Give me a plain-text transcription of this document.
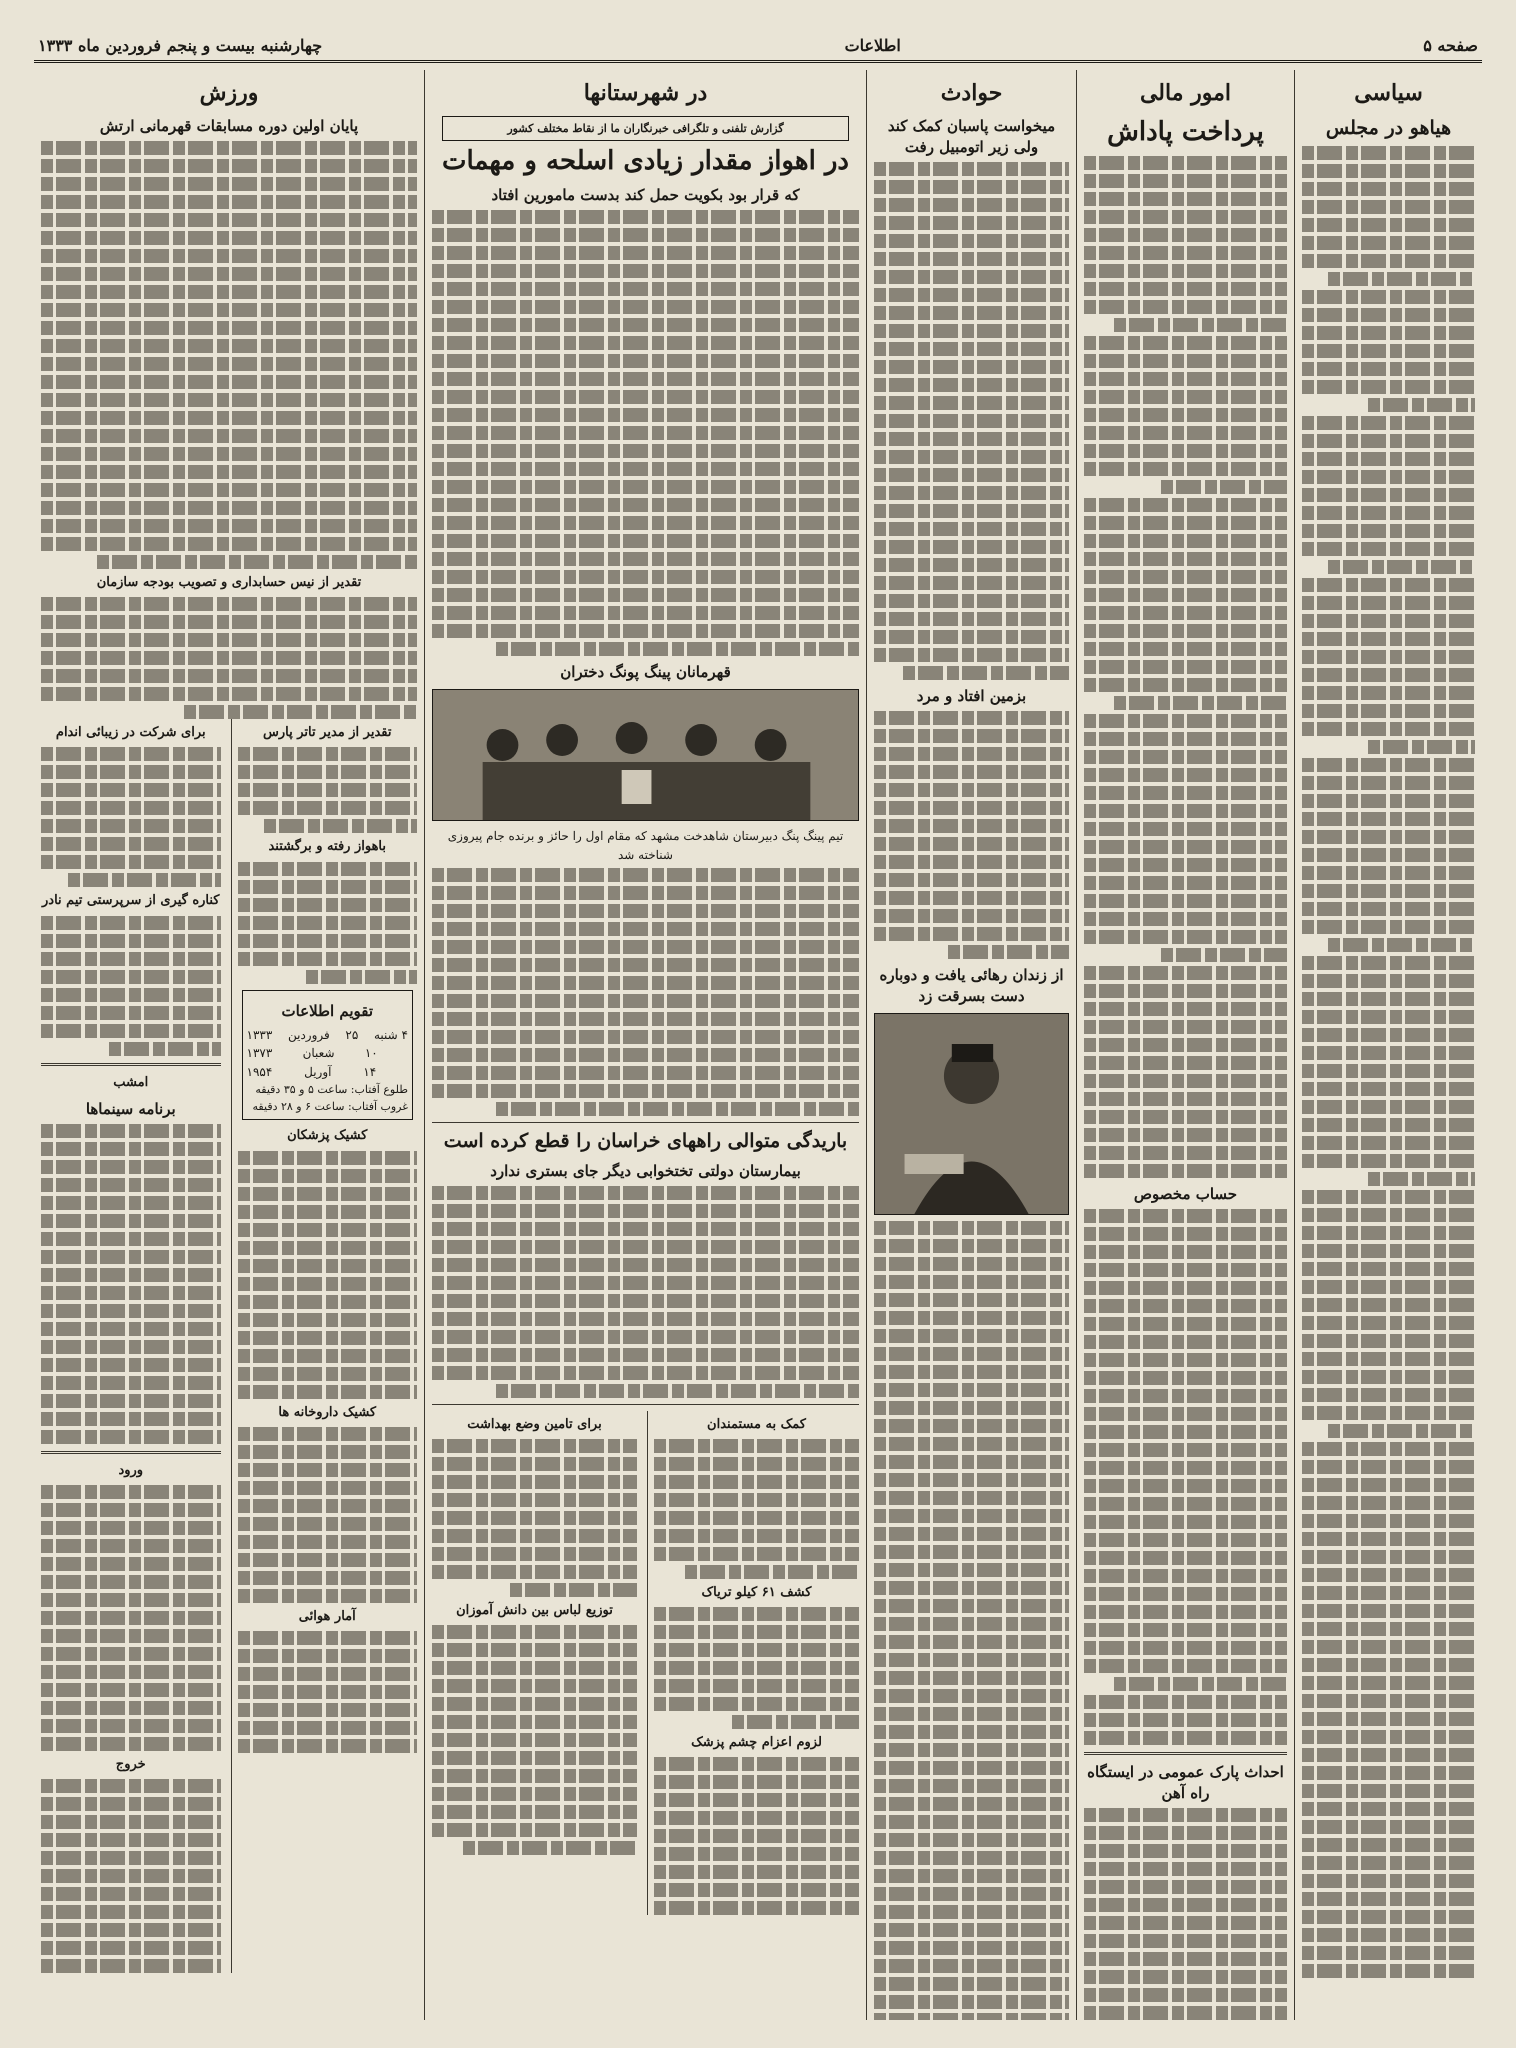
صفحه ۵
اطلاعات
چهارشنبه بیست و پنجم فروردین ماه ۱۳۳۳
سیاسی
هیاهو در مجلس
امور مالی
پرداخت پاداش
حساب مخصوص
احداث پارک عمومی در ایستگاه راه آهن
حوادث
میخواست پاسبان کمک کند ولی زیر اتومبیل رفت
بزمین افتاد و مرد
از زندان رهائی یافت و دوباره دست بسرقت زد
در شهرستانها
گزارش تلفنی و تلگرافی خبرنگاران ما از نقاط مختلف کشور
در اهواز مقدار زیادی اسلحه و مهمات
که قرار بود بکویت حمل کند بدست مامورین افتاد
قهرمانان پینگ پونگ دختران
تیم پینگ پنگ دبیرستان شاهدخت مشهد که مقام اول را حائز و برنده جام پیروزی شناخته شد
باریدگی متوالی راههای خراسان را قطع کرده است
بیمارستان دولتی تختخوابی دیگر جای بستری ندارد
کمک به مستمندان
کشف ۶۱ کیلو تریاک
لزوم اعزام چشم پزشک
برای تامین وضع بهداشت
توزیع لباس بین دانش آموزان
ورزش
پایان اولین دوره مسابقات قهرمانی ارتش
تقدیر از نیس حسابداری و تصویب بودجه سازمان
تقدیر از مدیر تاتر پارس
باهواز رفته و برگشتند
تقویم اطلاعات
۴ شنبه
۲۵
فروردین
۱۳۳۳
۱۰
شعبان
۱۳۷۳
۱۴
آوریل
۱۹۵۴
طلوع آفتاب: ساعت ۵ و ۳۵ دقیقه
غروب آفتاب: ساعت ۶ و ۲۸ دقیقه
کشیک پزشکان
کشیک داروخانه ها
آمار هوائی
برای شرکت در زیبائی اندام
کناره گیری از سرپرستی تیم نادر
امشب
برنامه سینماها
ورود
خروج
